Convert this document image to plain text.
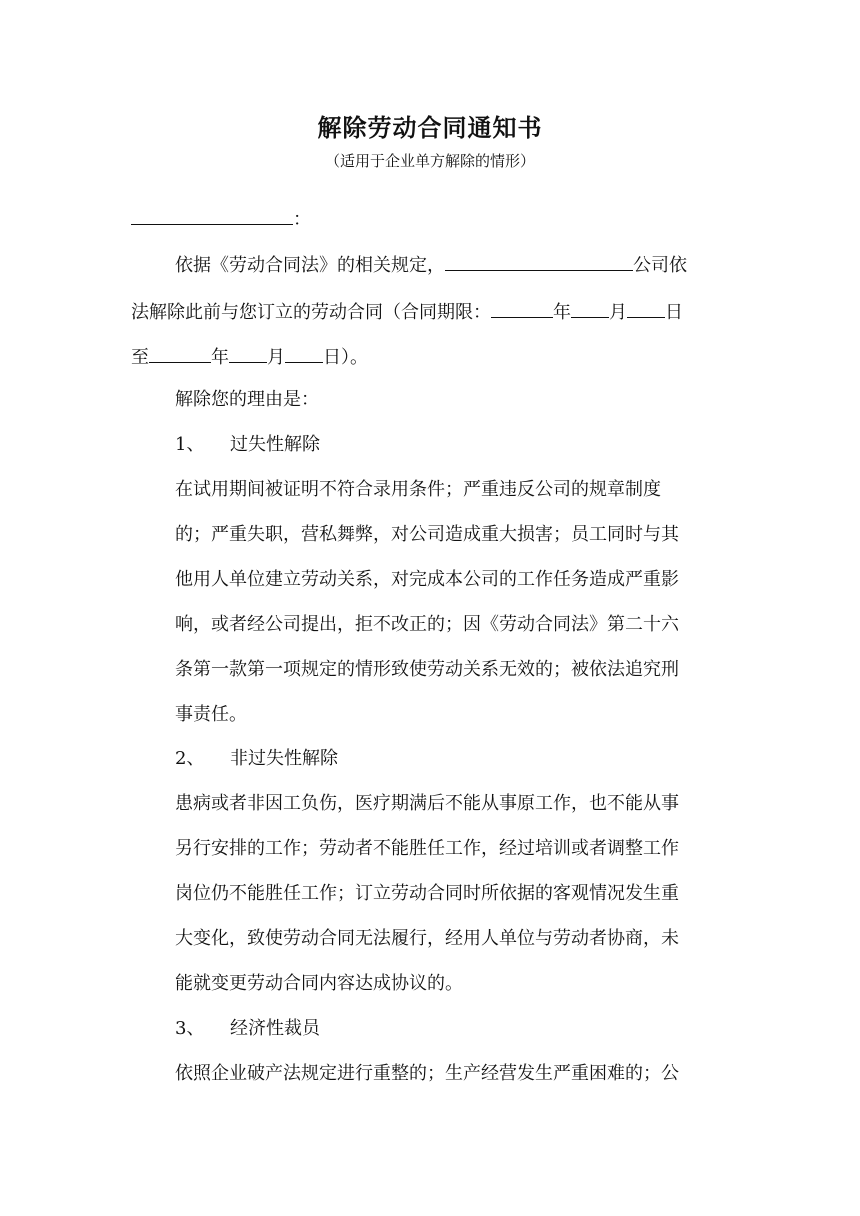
解除劳动合同通知书
（适用于企业单方解除的情形）
：
依据《劳动合同法》的相关规定，	公司依
法解除此前与您订立的劳动合同（合同期限：	年 月 日
至	年 月 日）。
解除您的理由是：
1、 过失性解除
在试用期间被证明不符合录用条件；严重违反公司的规章制度
的；严重失职，营私舞弊，对公司造成重大损害；员工同时与其
他用人单位建立劳动关系，对完成本公司的工作任务造成严重影
响，或者经公司提出，拒不改正的；因《劳动合同法》第二十六
条第一款第一项规定的情形致使劳动关系无效的；被依法追究刑
事责任。
2、 非过失性解除
患病或者非因工负伤，医疗期满后不能从事原工作，也不能从事
另行安排的工作；劳动者不能胜任工作，经过培训或者调整工作
岗位仍不能胜任工作；订立劳动合同时所依据的客观情况发生重
大变化，致使劳动合同无法履行，经用人单位与劳动者协商，未
能就变更劳动合同内容达成协议的。
3、 经济性裁员
依照企业破产法规定进行重整的；生产经营发生严重困难的；公
